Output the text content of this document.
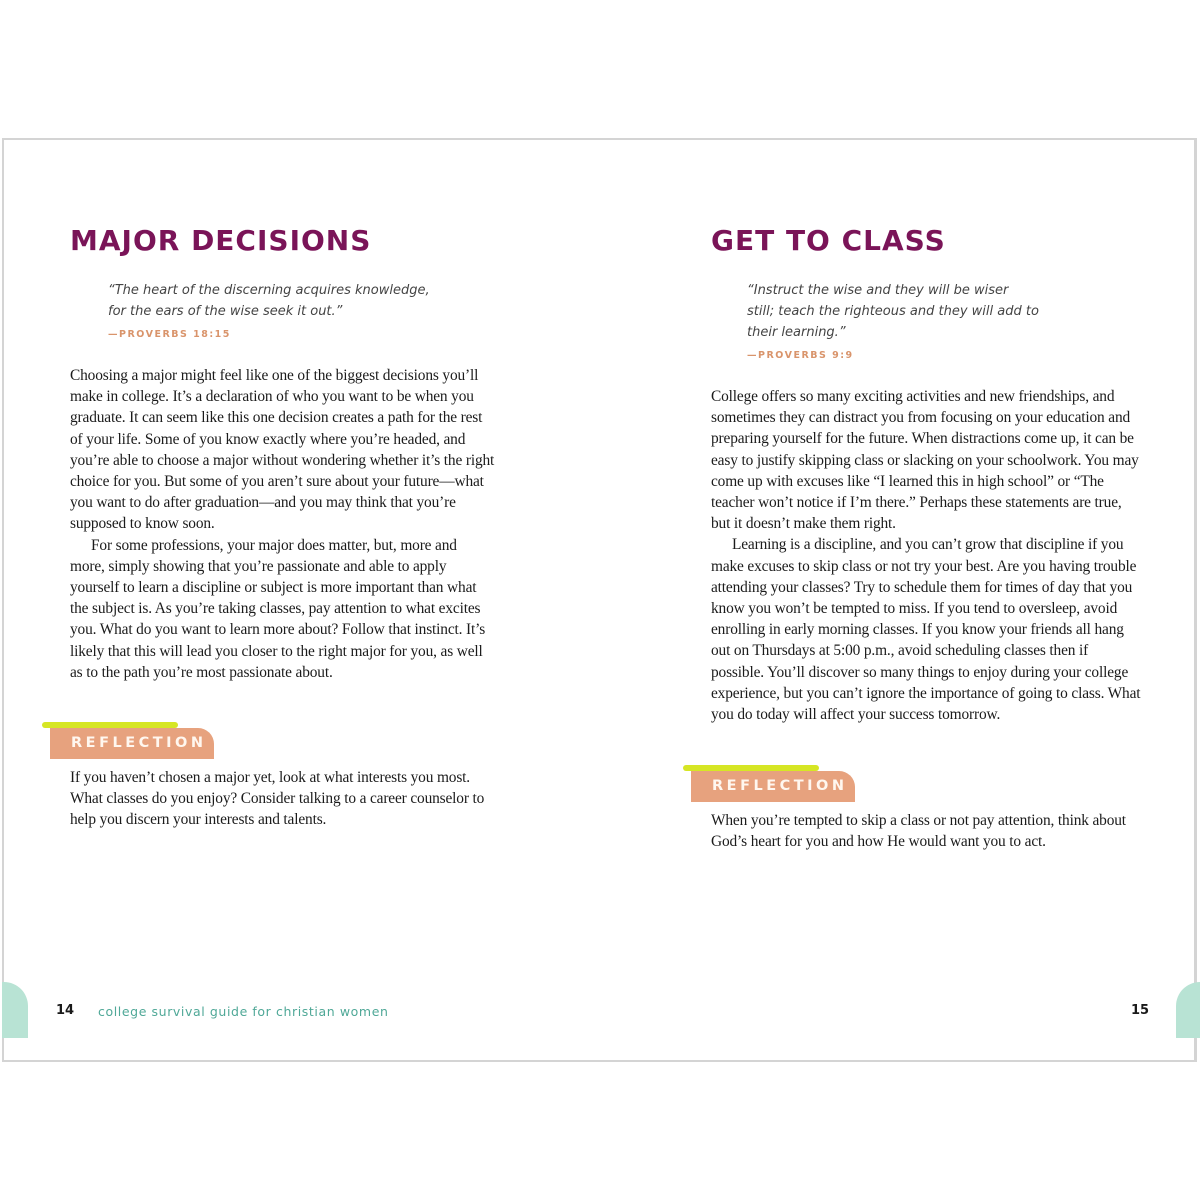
MAJOR DECISIONS
“The heart of the discerning acquires knowledge,
for the ears of the wise seek it out.”
—PROVERBS 18:15

Choosing a major might feel like one of the biggest decisions you’ll make in college. It’s a declaration of who you want to be when you graduate. It can seem like this one decision creates a path for the rest of your life. Some of you know exactly where you’re headed, and you’re able to choose a major without wondering whether it’s the right choice for you. But some of you aren’t sure about your future—what you want to do after graduation—and you may think that you’re supposed to know soon.

For some professions, your major does matter, but, more and more, simply showing that you’re passionate and able to apply yourself to learn a discipline or subject is more important than what the subject is. As you’re taking classes, pay attention to what excites you. What do you want to learn more about? Follow that instinct. It’s likely that this will lead you closer to the right major for you, as well as to the path you’re most passionate about.

REFLECTION

If you haven’t chosen a major yet, look at what interests you most. What classes do you enjoy? Consider talking to a career counselor to help you discern your interests and talents.

14 college survival guide for christian women
GET TO CLASS
“Instruct the wise and they will be wiser
still; teach the righteous and they will add to
their learning.”
—PROVERBS 9:9

College offers so many exciting activities and new friendships, and sometimes they can distract you from focusing on your education and preparing yourself for the future. When distractions come up, it can be easy to justify skipping class or slacking on your schoolwork. You may come up with excuses like “I learned this in high school” or “The teacher won’t notice if I’m there.” Perhaps these statements are true, but it doesn’t make them right.

Learning is a discipline, and you can’t grow that discipline if you make excuses to skip class or not try your best. Are you having trouble attending your classes? Try to schedule them for times of day that you know you won’t be tempted to miss. If you tend to oversleep, avoid enrolling in early morning classes. If you know your friends all hang out on Thursdays at 5:00 p.m., avoid scheduling classes then if possible. You’ll discover so many things to enjoy during your college experience, but you can’t ignore the importance of going to class. What you do today will affect your success tomorrow.

REFLECTION

When you’re tempted to skip a class or not pay attention, think about God’s heart for you and how He would want you to act.

15
